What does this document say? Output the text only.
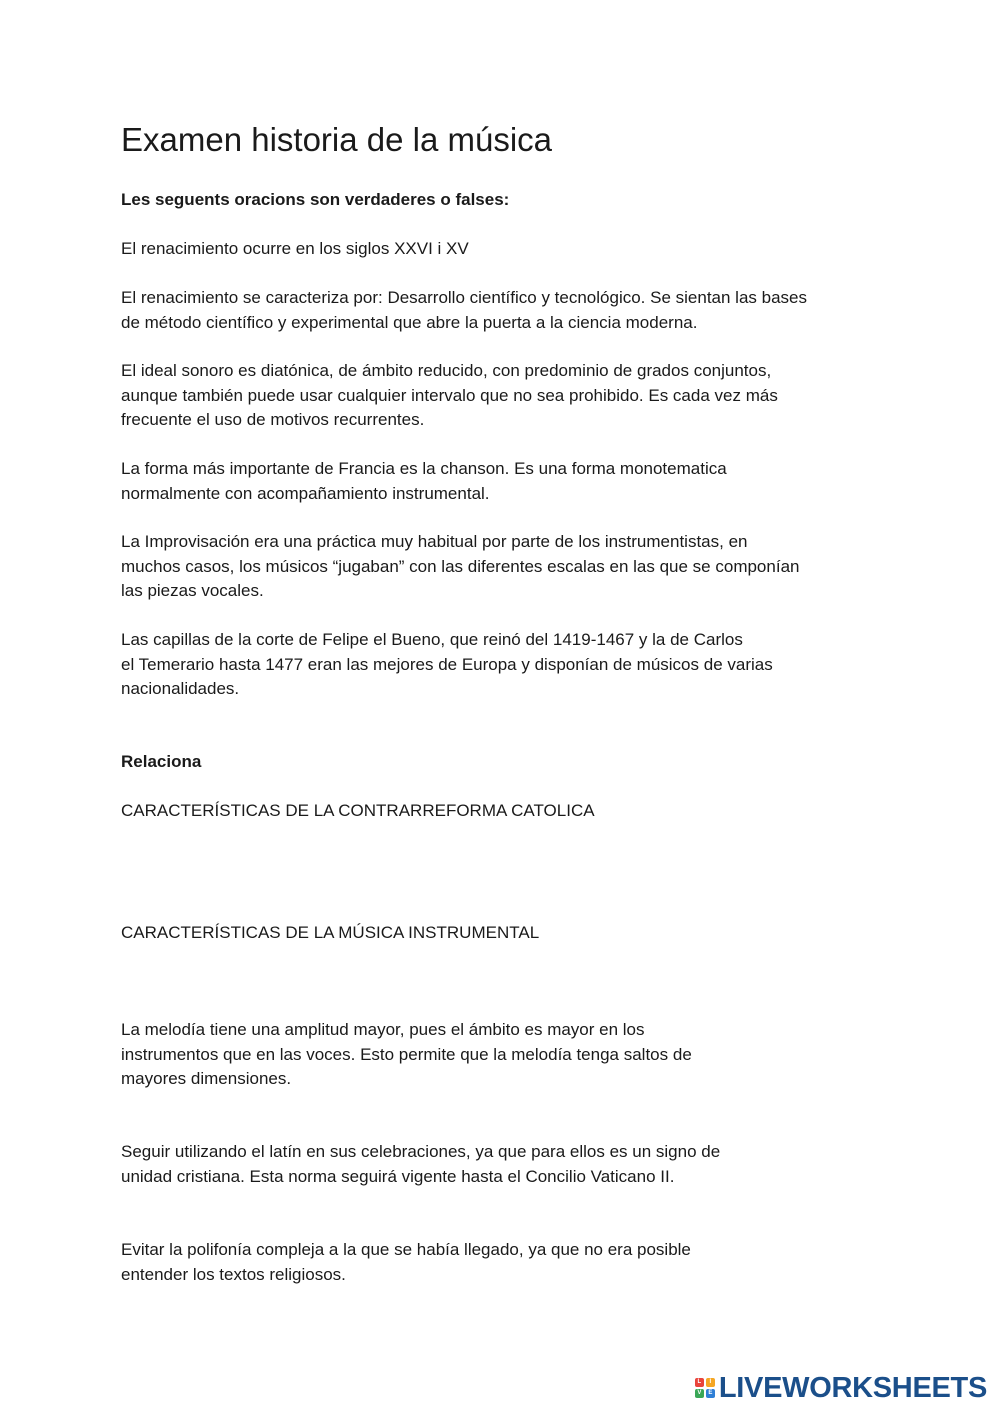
Examen historia de la música

Les seguents oracions son verdaderes o falses:

El renacimiento ocurre en los siglos XXVI i XV

El renacimiento se caracteriza por: Desarrollo científico y tecnológico. Se sientan las bases
de método científico y experimental que abre la puerta a la ciencia moderna.

El ideal sonoro es diatónica, de ámbito reducido, con predominio de grados conjuntos,
aunque también puede usar cualquier intervalo que no sea prohibido. Es cada vez más
frecuente el uso de motivos recurrentes.

La forma más importante de Francia es la chanson. Es una forma monotematica
normalmente con acompañamiento instrumental.

La Improvisación era una práctica muy habitual por parte de los instrumentistas, en
muchos casos, los músicos “jugaban” con las diferentes escalas en las que se componían
las piezas vocales.

Las capillas de la corte de Felipe el Bueno, que reinó del 1419-1467 y la de Carlos
el Temerario hasta 1477 eran las mejores de Europa y disponían de músicos de varias
nacionalidades.

Relaciona

CARACTERÍSTICAS DE LA CONTRARREFORMA CATOLICA

CARACTERÍSTICAS DE LA MÚSICA INSTRUMENTAL

La melodía tiene una amplitud mayor, pues el ámbito es mayor en los
instrumentos que en las voces. Esto permite que la melodía tenga saltos de
mayores dimensiones.

Seguir utilizando el latín en sus celebraciones, ya que para ellos es un signo de
unidad cristiana. Esta norma seguirá vigente hasta el Concilio Vaticano II.

Evitar la polifonía compleja a la que se había llegado, ya que no era posible
entender los textos religiosos.

L	I
V	E LIVEWORKSHEETS
